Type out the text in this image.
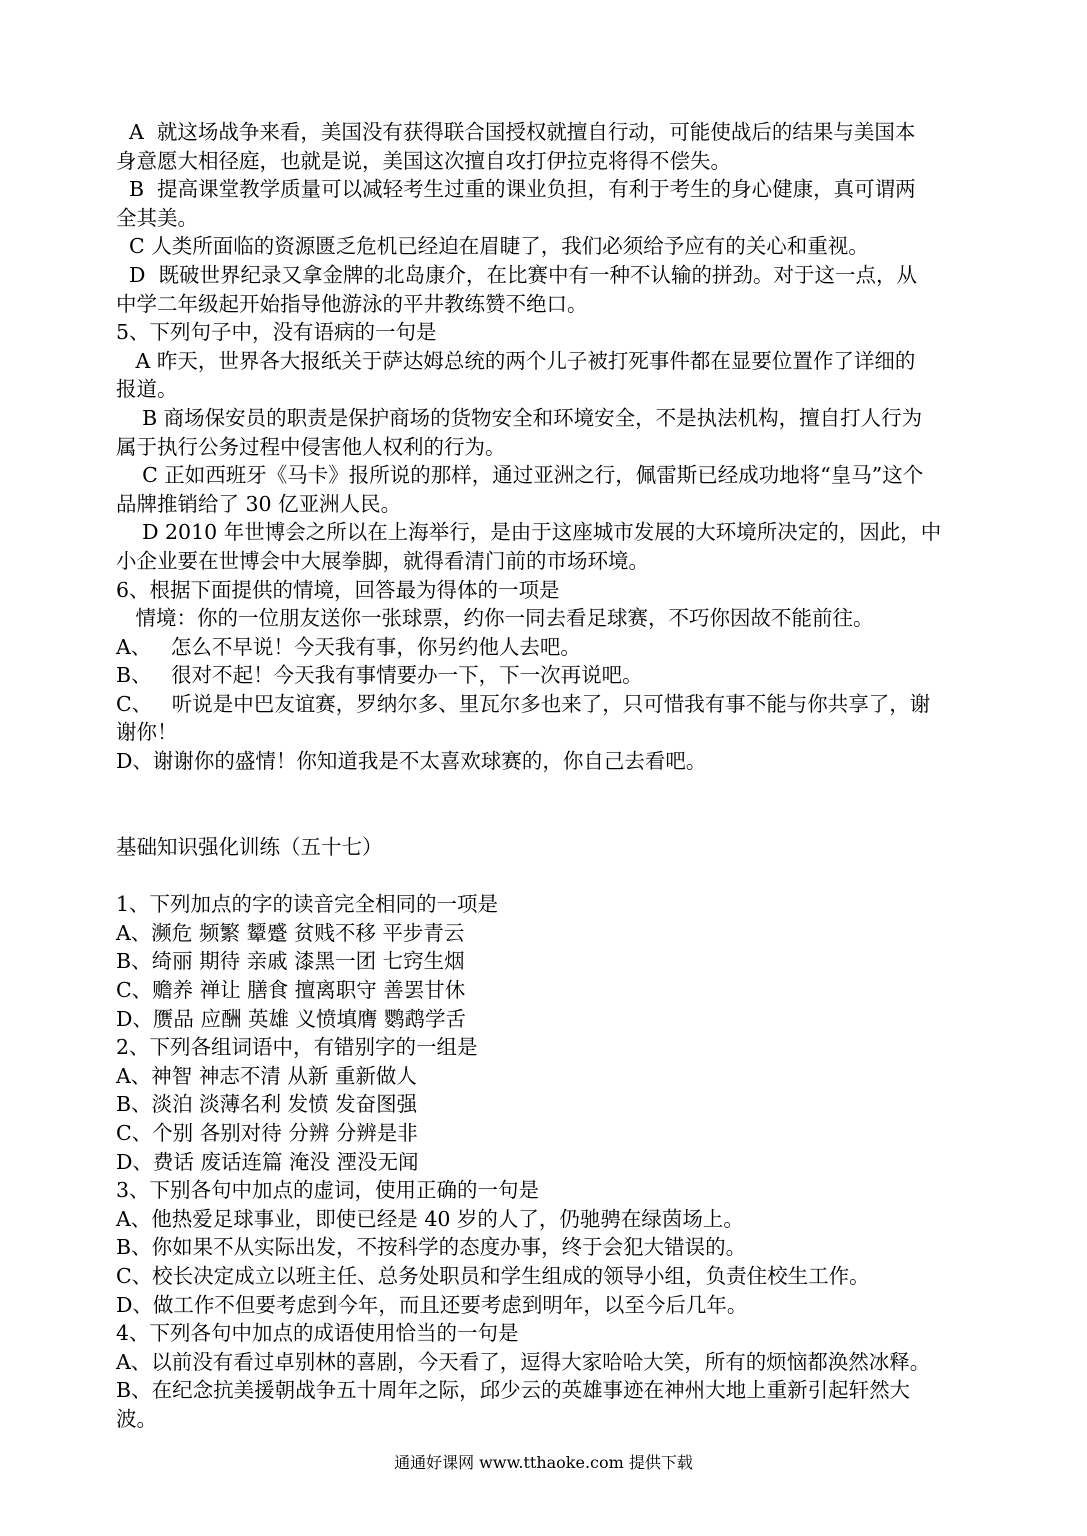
A  就这场战争来看，美国没有获得联合国授权就擅自行动，可能使战后的结果与美国本
身意愿大相径庭，也就是说，美国这次擅自攻打伊拉克将得不偿失。
B  提高课堂教学质量可以减轻考生过重的课业负担，有利于考生的身心健康，真可谓两
全其美。
C 人类所面临的资源匮乏危机已经迫在眉睫了，我们必须给予应有的关心和重视。
D  既破世界纪录又拿金牌的北岛康介，在比赛中有一种不认输的拼劲。对于这一点，从
中学二年级起开始指导他游泳的平井教练赞不绝口。
5、下列句子中，没有语病的一句是
A 昨天，世界各大报纸关于萨达姆总统的两个儿子被打死事件都在显要位置作了详细的
报道。
B 商场保安员的职责是保护商场的货物安全和环境安全，不是执法机构，擅自打人行为
属于执行公务过程中侵害他人权利的行为。
C 正如西班牙《马卡》报所说的那样，通过亚洲之行，佩雷斯已经成功地将“皇马”这个
品牌推销给了 30 亿亚洲人民。
D 2010 年世博会之所以在上海举行，是由于这座城市发展的大环境所决定的，因此，中
小企业要在世博会中大展拳脚，就得看清门前的市场环境。
6、根据下面提供的情境，回答最为得体的一项是
情境：你的一位朋友送你一张球票，约你一同去看足球赛，不巧你因故不能前往。
A、   怎么不早说！今天我有事，你另约他人去吧。
B、   很对不起！今天我有事情要办一下，下一次再说吧。
C、   听说是中巴友谊赛，罗纳尔多、里瓦尔多也来了，只可惜我有事不能与你共享了，谢
谢你！
D、谢谢你的盛情！你知道我是不太喜欢球赛的，你自己去看吧。
基础知识强化训练（五十七）
1、下列加点的字的读音完全相同的一项是
A、濒危 频繁 颦蹙 贫贱不移 平步青云
B、绮丽 期待 亲戚 漆黑一团 七窍生烟
C、赡养 禅让 膳食 擅离职守 善罢甘休
D、赝品 应酬 英雄 义愤填膺 鹦鹉学舌
2、下列各组词语中，有错别字的一组是
A、神智 神志不清 从新 重新做人
B、淡泊 淡薄名利 发愤 发奋图强
C、个别 各别对待 分辨 分辨是非
D、费话 废话连篇 淹没 湮没无闻
3、下别各句中加点的虚词，使用正确的一句是
A、他热爱足球事业，即使已经是 40 岁的人了，仍驰骋在绿茵场上。
B、你如果不从实际出发，不按科学的态度办事，终于会犯大错误的。
C、校长决定成立以班主任、总务处职员和学生组成的领导小组，负责住校生工作。
D、做工作不但要考虑到今年，而且还要考虑到明年，以至今后几年。
4、下列各句中加点的成语使用恰当的一句是
A、以前没有看过卓别林的喜剧，今天看了，逗得大家哈哈大笑，所有的烦恼都涣然冰释。
B、在纪念抗美援朝战争五十周年之际，邱少云的英雄事迹在神州大地上重新引起轩然大
波。
通通好课网 www.tthaoke.com 提供下载
